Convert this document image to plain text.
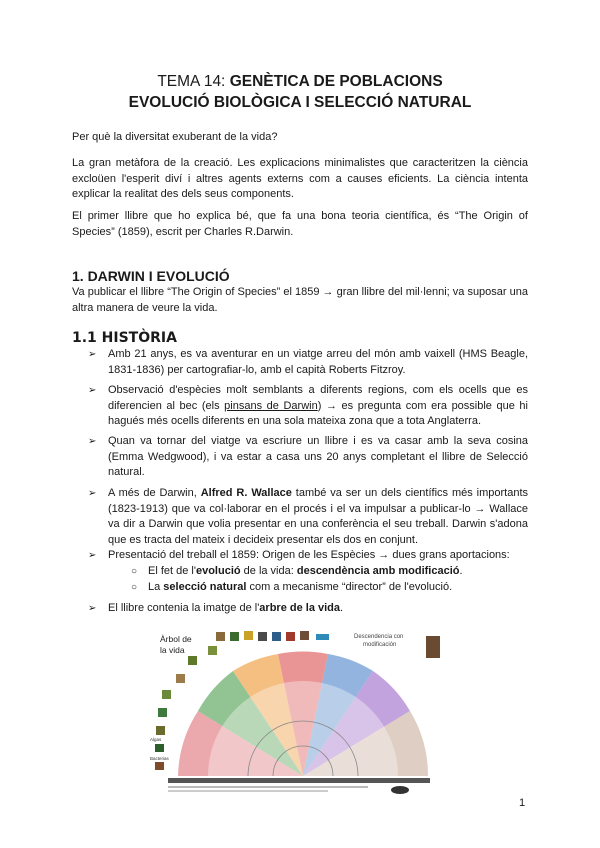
TEMA 14: GENÈTICA DE POBLACIONS
EVOLUCIÓ BIOLÒGICA I SELECCIÓ NATURAL
Per què la diversitat exuberant de la vida?
La gran metàfora de la creació. Les explicacions minimalistes que caracteritzen la ciència excloüen l'esperit diví i altres agents externs com a causes eficients. La ciència intenta explicar la realitat des dels seus components.
El primer llibre que ho explica bé, que fa una bona teoria científica, és “The Origin of Species” (1859), escrit per Charles R.Darwin.
1. DARWIN I EVOLUCIÓ
Va publicar el llibre “The Origin of Species” el 1859 → gran llibre del mil·lenni; va suposar una altra manera de veure la vida.
1.1 HISTÒRIA
➢ Amb 21 anys, es va aventurar en un viatge arreu del món amb vaixell (HMS Beagle, 1831-1836) per cartografiar-lo, amb el capità Roberts Fitzroy.
➢ Observació d'espècies molt semblants a diferents regions, com els ocells que es diferencien al bec (els pinsans de Darwin) → es pregunta com era possible que hi hagués més ocells diferents en una sola mateixa zona que a tota Anglaterra.
➢ Quan va tornar del viatge va escriure un llibre i es va casar amb la seva cosina (Emma Wedgwood), i va estar a casa uns 20 anys completant el llibre de Selecció natural.
➢ A més de Darwin, Alfred R. Wallace també va ser un dels científics més importants (1823-1913) que va col·laborar en el procés i el va impulsar a publicar-lo → Wallace va dir a Darwin que volia presentar en una conferència el seu treball. Darwin s'adona que es tracta del mateix i decideix presentar els dos en conjunt.
➢ Presentació del treball el 1859: Origen de les Espècies → dues grans aportacions:
○ El fet de l'evolució de la vida: descendència amb modificació.
○ La selecció natural com a mecanisme “director” de l'evolució.
➢ El llibre contenia la imatge de l'arbre de la vida.
Àrbol de
la vida
Descendencia con
modificación
Algas
Bacterias
1
